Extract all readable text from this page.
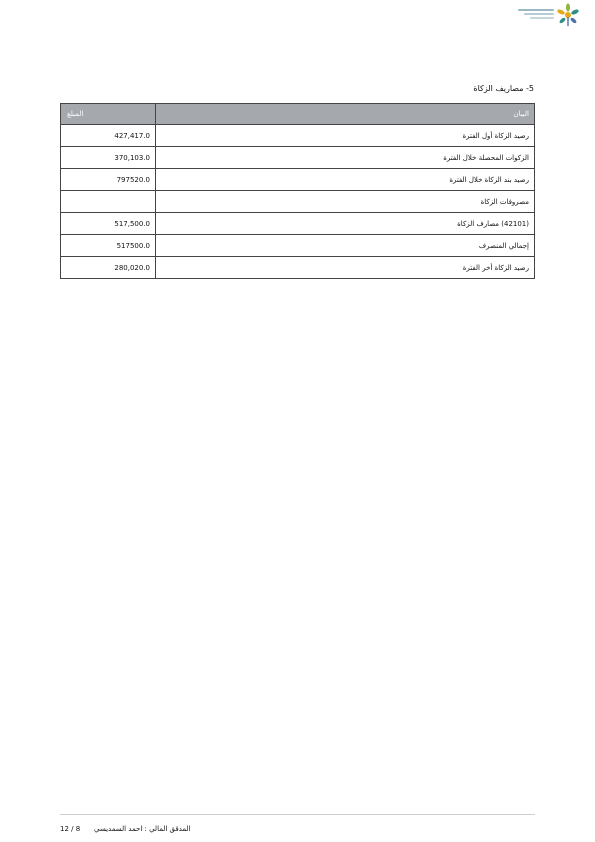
5- مصاريف الزكاة
البيان	المبلغ
رصيد الزكاة أول الفترة	427,417.0
الزكوات المحصلة خلال الفترة	370,103.0
رصيد بند الزكاة خلال الفترة	797520.0
مصروفات الزكاة	
(42101) مصارف الزكاة	517,500.0
إجمالي المنصرف	517500.0
رصيد الزكاة أخر الفترة	280,020.0
12 / 8 المدقق المالي : احمد السمديسي
